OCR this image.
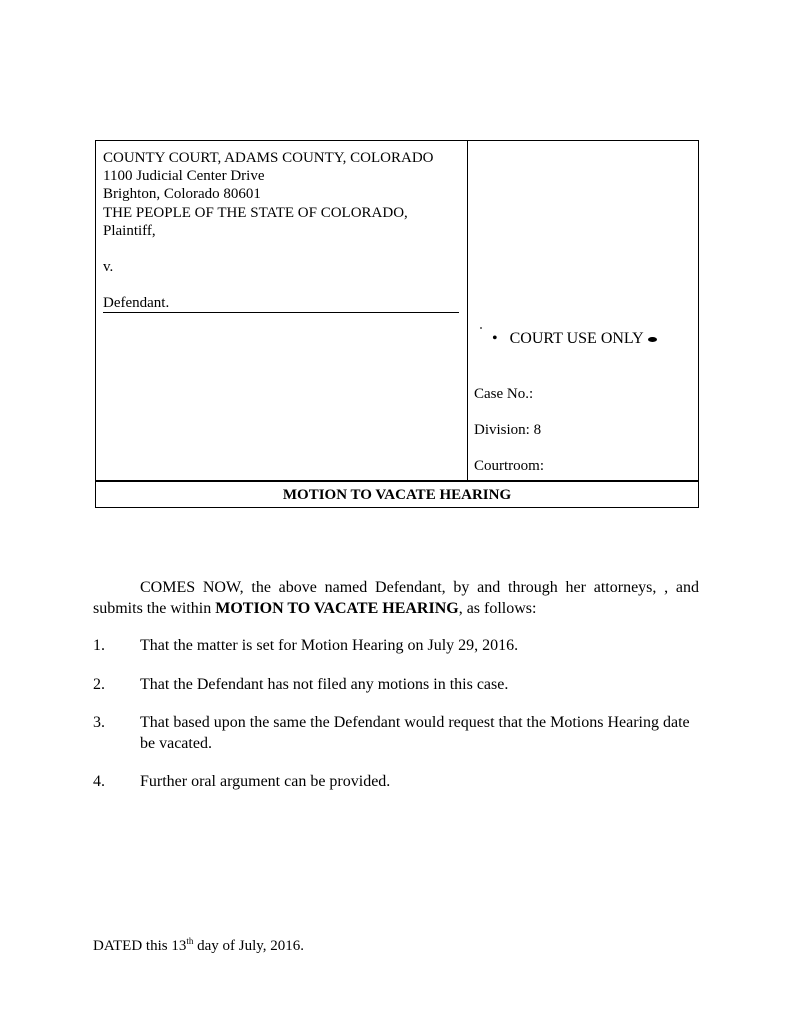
COUNTY COURT, ADAMS COUNTY, COLORADO
1100 Judicial Center Drive
Brighton, Colorado 80601
THE PEOPLE OF THE STATE OF COLORADO,
Plaintiff,
v.
Defendant.
• COURT USE ONLY
Case No.:
Division: 8
Courtroom:
MOTION TO VACATE HEARING
COMES NOW, the above named Defendant, by and through her attorneys, , and submits the within MOTION TO VACATE HEARING, as follows:
1. That the matter is set for Motion Hearing on July 29, 2016.
2. That the Defendant has not filed any motions in this case.
3. That based upon the same the Defendant would request that the Motions Hearing date be vacated.
4. Further oral argument can be provided.
DATED this 13th day of July, 2016.
